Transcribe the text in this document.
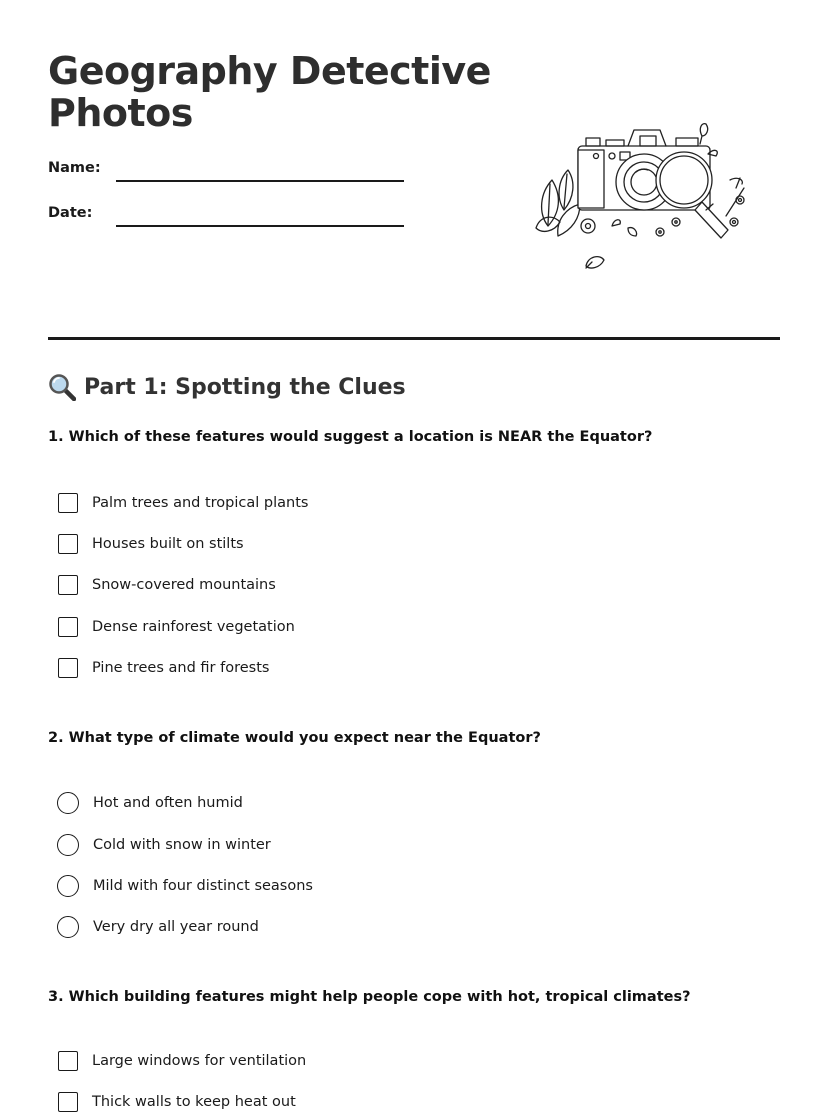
Geography Detective Photos
Name:
Date:
Part 1: Spotting the Clues
1. Which of these features would suggest a location is NEAR the Equator?
Palm trees and tropical plants
Houses built on stilts
Snow-covered mountains
Dense rainforest vegetation
Pine trees and fir forests
2. What type of climate would you expect near the Equator?
Hot and often humid
Cold with snow in winter
Mild with four distinct seasons
Very dry all year round
3. Which building features might help people cope with hot, tropical climates?
Large windows for ventilation
Thick walls to keep heat out
